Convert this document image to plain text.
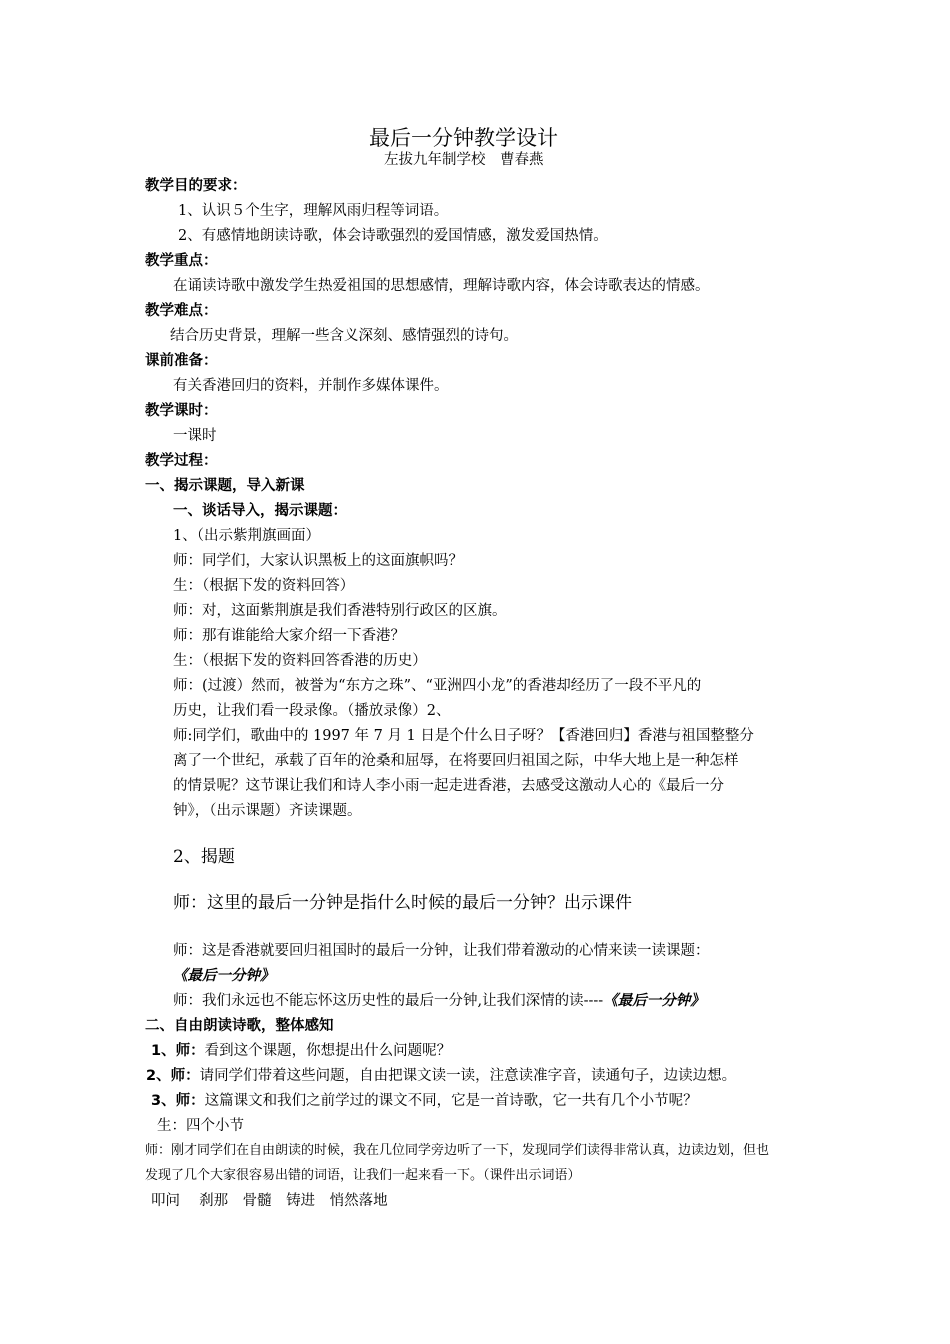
最后一分钟教学设计
左拔九年制学校　曹春燕
教学目的要求：
1、认识５个生字，理解风雨归程等词语。
2、有感情地朗读诗歌，体会诗歌强烈的爱国情感，激发爱国热情。
教学重点：
在诵读诗歌中激发学生热爱祖国的思想感情，理解诗歌内容，体会诗歌表达的情感。
教学难点：
结合历史背景，理解一些含义深刻、感情强烈的诗句。
课前准备：
有关香港回归的资料，并制作多媒体课件。
教学课时：
一课时
教学过程：
一、揭示课题，导入新课
一、谈话导入，揭示课题：
1、（出示紫荆旗画面）
师：同学们，大家认识黑板上的这面旗帜吗？
生：（根据下发的资料回答）
师：对，这面紫荆旗是我们香港特别行政区的区旗。
师：那有谁能给大家介绍一下香港？
生：（根据下发的资料回答香港的历史）
师：(过渡）然而，被誉为“东方之珠”、“亚洲四小龙”的香港却经历了一段不平凡的
历史，让我们看一段录像。（播放录像）2、
师:同学们，歌曲中的 1997 年 7 月 1 日是个什么日子呀？【香港回归】香港与祖国整整分
离了一个世纪，承载了百年的沧桑和屈辱，在将要回归祖国之际，中华大地上是一种怎样
的情景呢？这节课让我们和诗人李小雨一起走进香港，去感受这激动人心的《最后一分
钟》，（出示课题）齐读课题。
2、揭题
师：这里的最后一分钟是指什么时候的最后一分钟？出示课件
师：这是香港就要回归祖国时的最后一分钟，让我们带着激动的心情来读一读课题：
《最后一分钟》
师：我们永远也不能忘怀这历史性的最后一分钟,让我们深情的读----《最后一分钟》
二、自由朗读诗歌，整体感知
1、师：看到这个课题，你想提出什么问题呢？
2、师：请同学们带着这些问题，自由把课文读一读，注意读准字音，读通句子，边读边想。
3、师：这篇课文和我们之前学过的课文不同，它是一首诗歌，它一共有几个小节呢？
生：四个小节
师：刚才同学们在自由朗读的时候，我在几位同学旁边听了一下，发现同学们读得非常认真，边读边划，但也
发现了几个大家很容易出错的词语，让我们一起来看一下。（课件出示词语）
叩问　 刹那　骨髓　铸进　悄然落地
